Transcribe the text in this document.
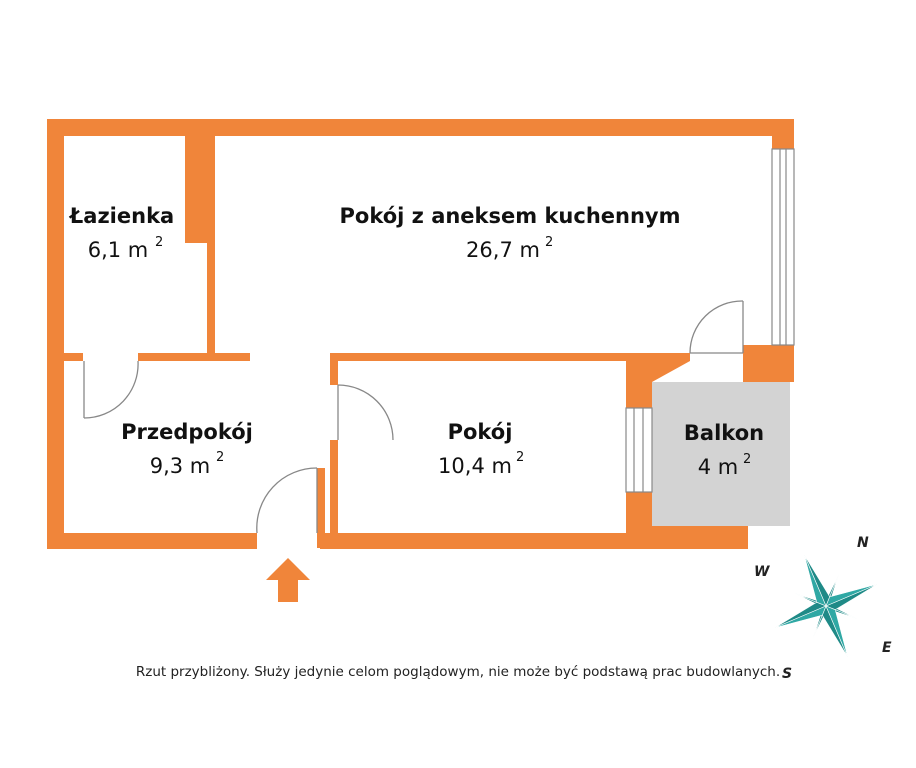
Łazienka
6,1 m 2
Pokój z aneksem kuchennym
26,7 m 2
Przedpokój
9,3 m 2
Pokój
10,4 m 2
Balkon
4 m 2
N
E
S
W
Rzut przybliżony. Służy jedynie celom poglądowym, nie może być podstawą prac budowlanych.
